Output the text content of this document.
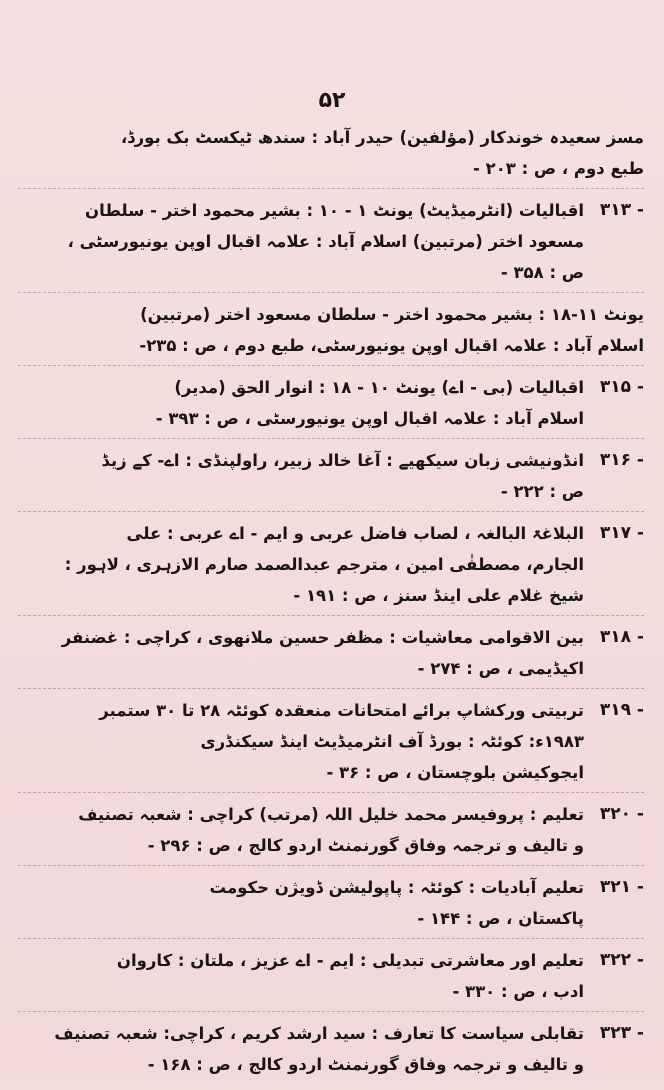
۵۲
مسز سعیدہ خوندکار (مؤلفین) حیدر آباد : سندھ ٹیکسٹ بک بورڈ،
طبع دوم ، ص : ۲۰۳ -
۳۱۳ -
اقبالیات (انٹرمیڈیٹ) یونٹ ۱ - ۱۰ : بشیر محمود اختر - سلطان
مسعود اختر (مرتبین) اسلام آباد : علامہ اقبال اوپن یونیورسٹی ،
ص : ۳۵۸ -
یونٹ ۱۱-۱۸ : بشیر محمود اختر - سلطان مسعود اختر (مرتبین)
اسلام آباد : علامہ اقبال اوپن یونیورسٹی، طبع دوم ، ص : ۲۳۵-
۳۱۵ -
اقبالیات (بی - اے) یونٹ ۱۰ - ۱۸ : انوار الحق (مدیر)
اسلام آباد : علامہ اقبال اوپن یونیورسٹی ، ص : ۳۹۳ -
۳۱۶ -
انڈونیشی زبان سیکھیے : آغا خالد زبیر، راولپنڈی : اے- کے زیڈ
ص : ۲۲۲ -
۳۱۷ -
البلاغۃ البالغہ ، لصاب فاضل عربی و ایم - اے عربی : علی
الجارم، مصطفٰی امین ، مترجم عبدالصمد صارم الازہری ، لاہور :
شیخ غلام علی اینڈ سنز ، ص : ۱۹۱ -
۳۱۸ -
بین الاقوامی معاشیات : مظفر حسین ملانھوی ، کراچی : غضنفر
اکیڈیمی ، ص : ۲۷۴ -
۳۱۹ -
تربیتی ورکشاپ برائے امتحانات منعقدہ کوئٹہ ۲۸ تا ۳۰ ستمبر
۱۹۸۳ء: کوئٹہ : بورڈ آف انٹرمیڈیٹ اینڈ سیکنڈری
ایجوکیشن بلوچستان ، ص : ۳۶ -
۳۲۰ -
تعلیم : پروفیسر محمد خلیل اللہ (مرتب) کراچی : شعبہ تصنیف
و تالیف و ترجمہ وفاق گورنمنٹ اردو کالج ، ص : ۲۹۶ -
۳۲۱ -
تعلیم آبادیات : کوئٹہ : پاپولیشن ڈویژن حکومت
پاکستان ، ص : ۱۴۴ -
۳۲۲ -
تعلیم اور معاشرتی تبدیلی : ایم - اے عزیز ، ملتان : کاروان
ادب ، ص : ۳۳۰ -
۳۲۳ -
تقابلی سیاست کا تعارف : سید ارشد کریم ، کراچی: شعبہ تصنیف
و تالیف و ترجمہ وفاق گورنمنٹ اردو کالج ، ص : ۱۶۸ -
